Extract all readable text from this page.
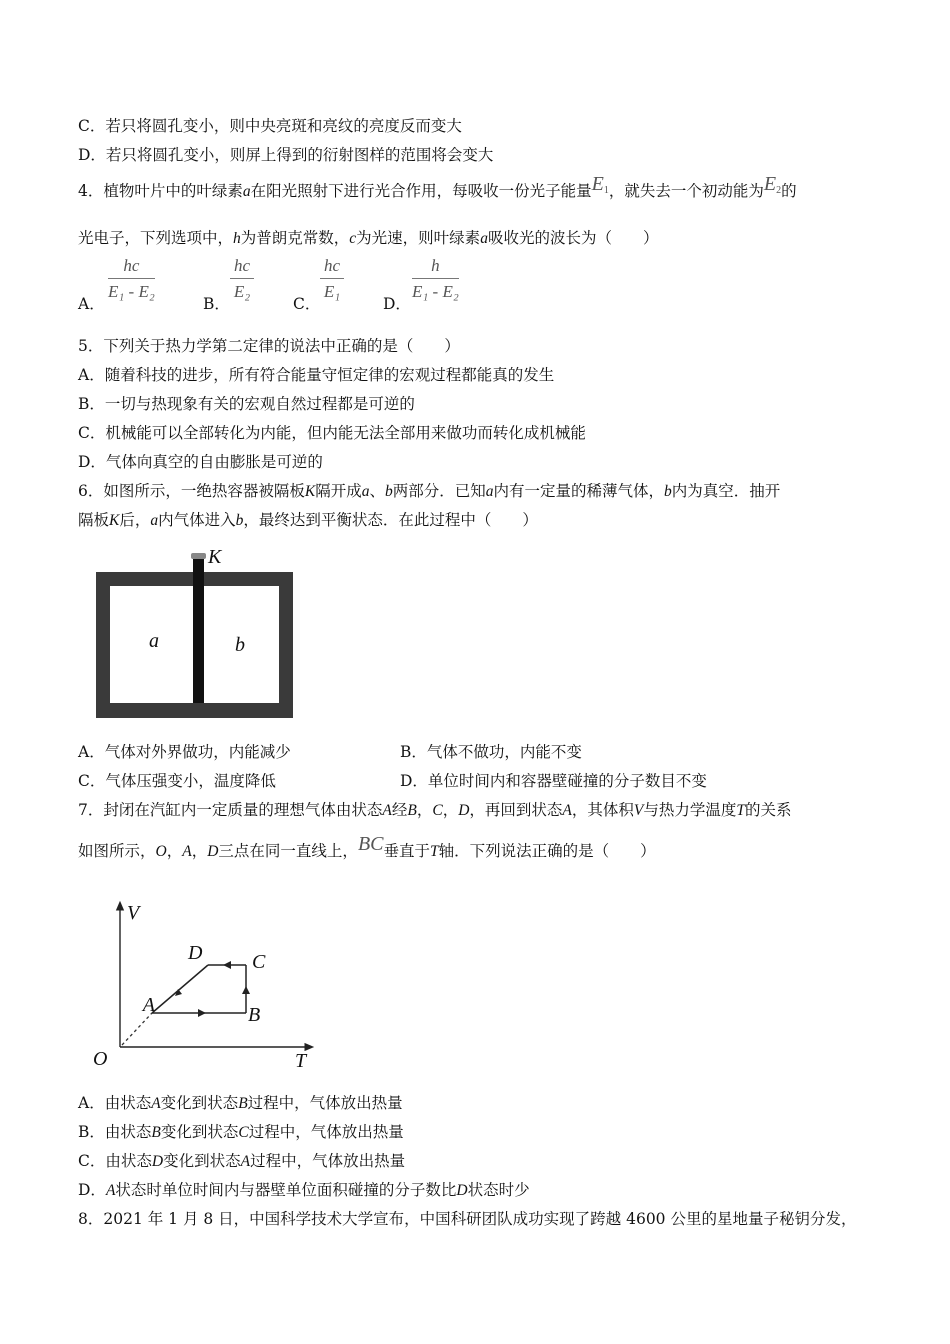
C．若只将圆孔变小，则中央亮斑和亮纹的亮度反而变大
D．若只将圆孔变小，则屏上得到的衍射图样的范围将会变大
4．植物叶片中的叶绿素a在阳光照射下进行光合作用，每吸收一份光子能量$E_1$，就失去一个初动能为$E_2$的
光电子，下列选项中，h为普朗克常数，c为光速，则叶绿素a吸收光的波长为（　　）
A．
$\frac{hc}{\text{E₁ - E₂}}$
B．
$\frac{hc}{\text{E₂}}$
C．
$\frac{hc}{\text{E₁}}$
D．
$\frac{h}{\text{E₁ - E₂}}$
5．下列关于热力学第二定律的说法中正确的是（　　）
A．随着科技的进步，所有符合能量守恒定律的宏观过程都能真的发生
B．一切与热现象有关的宏观自然过程都是可逆的
C．机械能可以全部转化为内能，但内能无法全部用来做功而转化成机械能
D．气体向真空的自由膨胀是可逆的
6．如图所示，一绝热容器被隔板K隔开成a、b两部分．已知a内有一定量的稀薄气体，b内为真空．抽开
隔板K后，a内气体进入b，最终达到平衡状态．在此过程中（　　）
K
a	b
A．气体对外界做功，内能减少	B．气体不做功，内能不变
C．气体压强变小，温度降低	D．单位时间内和容器壁碰撞的分子数目不变
7．封闭在汽缸内一定质量的理想气体由状态A经B，C，D，再回到状态A，其体积V与热力学温度T的关系
如图所示，O，A，D三点在同一直线上，BC垂直于T轴．下列说法正确的是（　　）
V
T
O
A	B
C
D
A．由状态A变化到状态B过程中，气体放出热量
B．由状态B变化到状态C过程中，气体放出热量
C．由状态D变化到状态A过程中，气体放出热量
D．A状态时单位时间内与器壁单位面积碰撞的分子数比D状态时少
8．2021 年 1 月 8 日，中国科学技术大学宣布，中国科研团队成功实现了跨越 4600 公里的星地量子秘钥分发，
